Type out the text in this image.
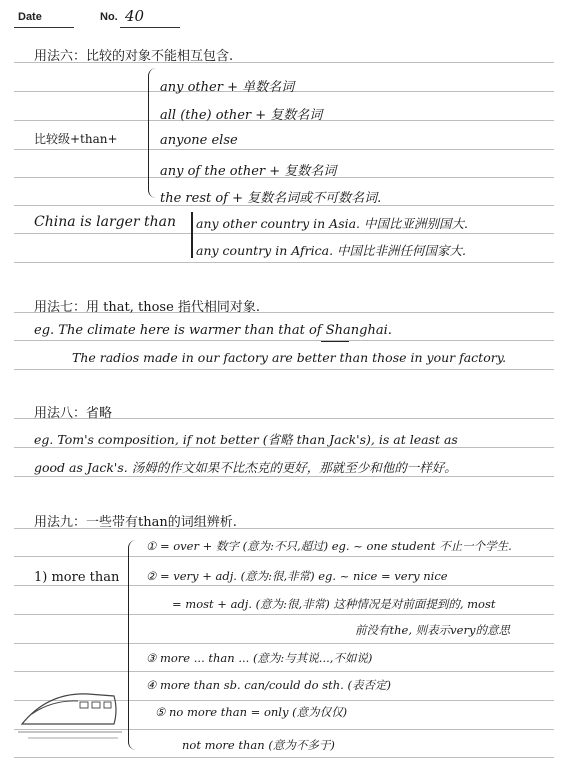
Date	No. 40
用法六：比较的对象不能相互包含.
比较级+than+
any other + 单数名词
all (the) other + 复数名词
anyone else
any of the other + 复数名词
the rest of + 复数名词或不可数名词.
China is larger than any other country in Asia. 中国比亚洲别国大.
any country in Africa. 中国比非洲任何国家大.
用法七：用 that, those 指代相同对象.
eg. The climate here is warmer than that of Shanghai.
The radios made in our factory are better than those in your factory.
用法八：省略
eg. Tom's composition, if not better (省略 than Jack's), is at least as
good as Jack's. 汤姆的作文如果不比杰克的更好，那就至少和他的一样好。
用法九：一些带有than的词组辨析.
1) more than
① = over + 数字 (意为:不只,超过) eg. ~ one student 不止一个学生.
② = very + adj. (意为:很,非常) eg. ~ nice = very nice
= most + adj. (意为:很,非常) 这种情况是对前面提到的, most
前没有the, 则表示very的意思
③ more ... than ... (意为:与其说...,不如说)
④ more than sb. can/could do sth. (表否定)
⑤ no more than = only (意为仅仅)
not more than (意为不多于)
